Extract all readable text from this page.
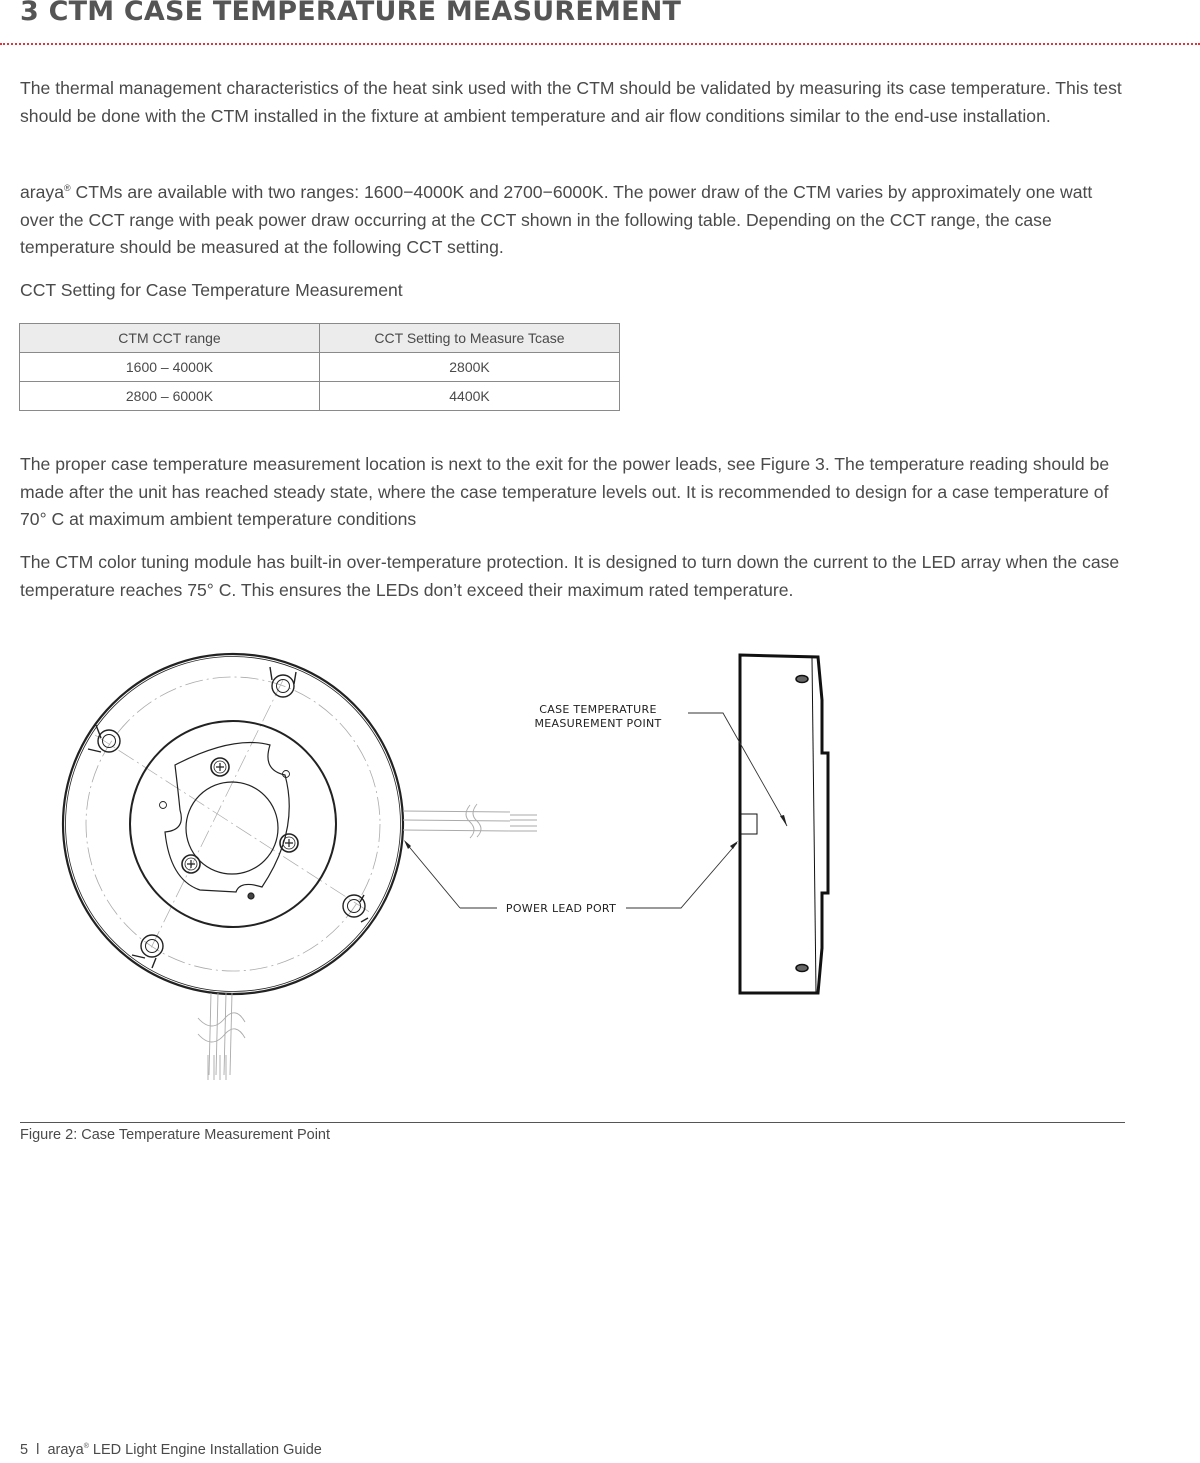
3 CTM CASE TEMPERATURE MEASUREMENT

The thermal management characteristics of the heat sink used with the CTM should be validated by measuring its case temperature. This test should be done with the CTM installed in the fixture at ambient temperature and air flow conditions similar to the end-use installation.

araya® CTMs are available with two ranges: 1600−4000K and 2700−6000K. The power draw of the CTM varies by approximately one watt over the CCT range with peak power draw occurring at the CCT shown in the following table. Depending on the CCT range, the case temperature should be measured at the following CCT setting.

CCT Setting for Case Temperature Measurement

CTM CCT range	CCT Setting to Measure Tcase
1600 – 4000K	2800K
2800 – 6000K	4400K

The proper case temperature measurement location is next to the exit for the power leads, see Figure 3. The temperature reading should be made after the unit has reached steady state, where the case temperature levels out. It is recommended to design for a case temperature of 70° C at maximum ambient temperature conditions

The CTM color tuning module has built-in over-temperature protection. It is designed to turn down the current to the LED array when the case temperature reaches 75° C. This ensures the LEDs don’t exceed their maximum rated temperature.

CASE TEMPERATURE
MEASUREMENT POINT
POWER LEAD PORT

Figure 2: Case Temperature Measurement Point

5 l araya® LED Light Engine Installation Guide
